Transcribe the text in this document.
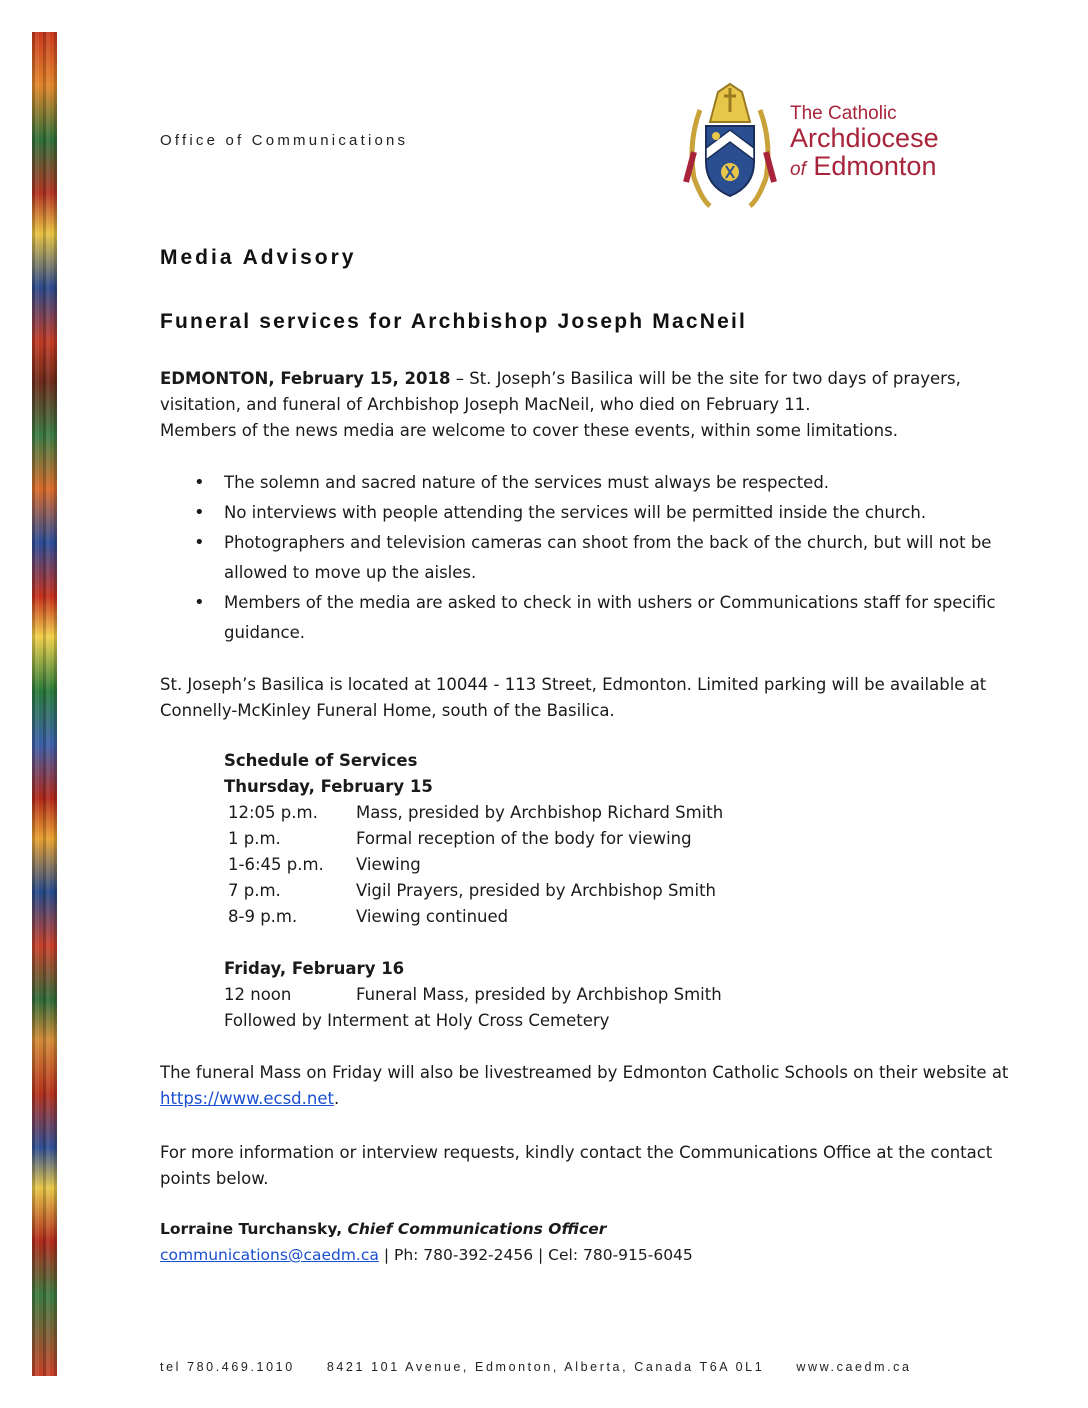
Office of Communications
The Catholic
Archdiocese
of Edmonton
Media Advisory
Funeral services for Archbishop Joseph MacNeil
EDMONTON, February 15, 2018 – St. Joseph’s Basilica will be the site for two days of prayers, visitation, and funeral of Archbishop Joseph MacNeil, who died on February 11.
Members of the news media are welcome to cover these events, within some limitations.
• The solemn and sacred nature of the services must always be respected.
• No interviews with people attending the services will be permitted inside the church.
• Photographers and television cameras can shoot from the back of the church, but will not be allowed to move up the aisles.
• Members of the media are asked to check in with ushers or Communications staff for specific guidance.
St. Joseph’s Basilica is located at 10044 - 113 Street, Edmonton. Limited parking will be available at Connelly-McKinley Funeral Home, south of the Basilica.
Schedule of Services
Thursday, February 15
12:05 p.m.	Mass, presided by Archbishop Richard Smith
1 p.m.	Formal reception of the body for viewing
1-6:45 p.m.	Viewing
7 p.m.	Vigil Prayers, presided by Archbishop Smith
8-9 p.m.	Viewing continued
Friday, February 16
12 noon	Funeral Mass, presided by Archbishop Smith
Followed by Interment at Holy Cross Cemetery
The funeral Mass on Friday will also be livestreamed by Edmonton Catholic Schools on their website at https://www.ecsd.net.
For more information or interview requests, kindly contact the Communications Office at the contact points below.
Lorraine Turchansky, Chief Communications Officer
communications@caedm.ca | Ph: 780-392-2456 | Cel: 780-915-6045
tel 780.469.1010	8421 101 Avenue, Edmonton, Alberta, Canada T6A 0L1	www.caedm.ca
